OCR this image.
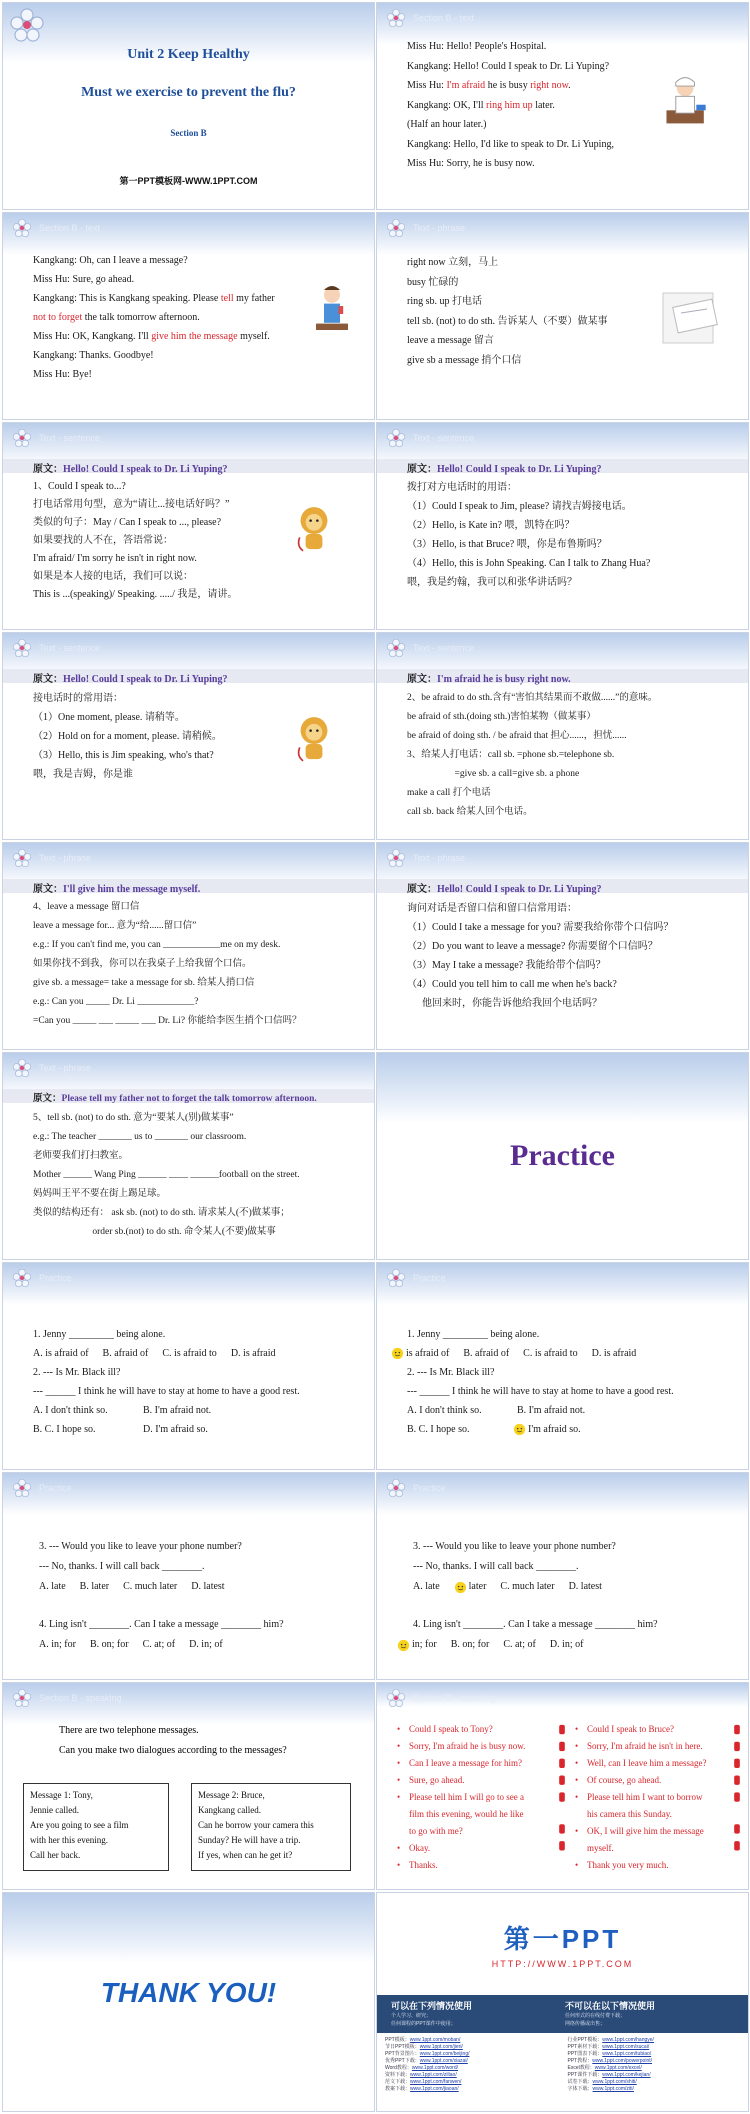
Unit 2 Keep Healthy
Must we exercise to prevent the flu?
Section B
第一PPT模板网-WWW.1PPT.COM
Section B - text
Miss Hu: Hello! People's Hospital.
Kangkang: Hello! Could I speak to Dr. Li Yuping?
Miss Hu: I'm afraid he is busy right now.
Kangkang: OK, I'll ring him up later.
(Half an hour later.)
Kangkang: Hello, I'd like to speak to Dr. Li Yuping,
Miss Hu: Sorry, he is busy now.
Section B - text
Kangkang: Oh, can I leave a message?
Miss Hu: Sure, go ahead.
Kangkang: This is Kangkang speaking. Please tell my father
not to forget the talk tomorrow afternoon.
Miss Hu: OK, Kangkang. I'll give him the message myself.
Kangkang: Thanks. Goodbye!
Miss Hu: Bye!
Text - phrase
right now 立刻，马上
busy 忙碌的
ring sb. up 打电话
tell sb. (not) to do sth. 告诉某人（不要）做某事
leave a message 留言
give sb a message 捎个口信
Text - sentence
原文：Hello! Could I speak to Dr. Li Yuping?
1、Could I speak to...?
打电话常用句型，意为“请让...接电话好吗？”
类似的句子：May / Can I speak to ..., please?
如果要找的人不在，答语常说：
I'm afraid/ I'm sorry he isn't in right now.
如果是本人接的电话，我们可以说：
This is ...(speaking)/ Speaking. ...../ 我是，请讲。
Text - sentence
原文：Hello! Could I speak to Dr. Li Yuping?
拨打对方电话时的用语：
（1）Could I speak to Jim, please? 请找吉姆接电话。
（2）Hello, is Kate in? 喂，凯特在吗？
（3）Hello, is that Bruce? 喂，你是布鲁斯吗？
（4）Hello, this is John Speaking. Can I talk to Zhang Hua?
喂，我是约翰，我可以和张华讲话吗？
Text - sentence
原文：Hello! Could I speak to Dr. Li Yuping?
接电话时的常用语：
（1）One moment, please. 请稍等。
（2）Hold on for a moment, please. 请稍候。
（3）Hello, this is Jim speaking, who's that?
喂，我是吉姆，你是谁
Text - sentence
原文：I'm afraid he is busy right now.
2、be afraid to do sth.含有“害怕其结果而不敢做......”的意味。
be afraid of sth.(doing sth.)害怕某物（做某事）
be afraid of doing sth. / be afraid that 担心......，担忧......
3、给某人打电话：call sb. =phone sb.=telephone sb.
=give sb. a call=give sb. a phone
make a call 打个电话
call sb. back 给某人回个电话。
Text - phrase
原文：I'll give him the message myself.
4、leave a message 留口信
leave a message for... 意为“给......留口信”
e.g.: If you can't find me, you can ____________me on my desk.
如果你找不到我，你可以在我桌子上给我留个口信。
give sb. a message= take a message for sb. 给某人捎口信
e.g.: Can you _____ Dr. Li ____________?
=Can you _____ ___ _____ ___ Dr. Li? 你能给李医生捎个口信吗？
Text - phrase
原文：Hello! Could I speak to Dr. Li Yuping?
询问对话是否留口信和留口信常用语：
（1）Could I take a message for you? 需要我给你带个口信吗？
（2）Do you want to leave a message? 你需要留个口信吗？
（3）May I take a message? 我能给带个信吗？
（4）Could you tell him to call me when he's back?
他回来时，你能告诉他给我回个电话吗？
Text - phrase
原文：Please tell my father not to forget the talk tomorrow afternoon.
5、tell sb. (not) to do sth. 意为“要某人(别)做某事”
e.g.: The teacher _______ us to _______ our classroom.
老师要我们打扫教室。
Mother ______ Wang Ping ______ ____ ______football on the street.
妈妈叫王平不要在街上踢足球。
类似的结构还有： ask sb. (not) to do sth. 请求某人(不)做某事；
order sb.(not) to do sth. 命令某人(不要)做某事
Practice
Practice
1. Jenny _________ being alone.
A. is afraid of B. afraid of C. is afraid to D. is afraid
2. --- Is Mr. Black ill?
--- ______ I think he will have to stay at home to have a good rest.
A. I don't think so.	B. I'm afraid not.
B. C. I hope so.	D. I'm afraid so.
Practice
1. Jenny _________ being alone.
is afraid of B. afraid of C. is afraid to D. is afraid
2. --- Is Mr. Black ill?
--- ______ I think he will have to stay at home to have a good rest.
A. I don't think so.	B. I'm afraid not.
B. C. I hope so.	I'm afraid so.
Practice
3. --- Would you like to leave your phone number?
--- No, thanks. I will call back ________.
A. late B. later C. much later D. latest
4. Ling isn't ________. Can I take a message ________ him?
A. in; for B. on; for C. at; of D. in; of
Practice
3. --- Would you like to leave your phone number?
--- No, thanks. I will call back ________.
A. late	later C. much later D. latest
4. Ling isn't ________. Can I take a message ________ him?
in; for B. on; for C. at; of D. in; of
Section B - speaking
There are two telephone messages.
Can you make two dialogues according to the messages?
Message 1: Tony,
Jennie called.
Are you going to see a film
with her this evening.
Call her back.
Message 2: Bruce,
Kangkang called.
Can he borrow your camera this
Sunday? He will have a trip.
If yes, when can he get it?
Section B - speaking
• Could I speak to Tony?
• Sorry, I'm afraid he is busy now.
• Can I leave a message for him?
• Sure, go ahead.
• Please tell him I will go to see a
film this evening, would he like
to go with me?
• Okay.
• Thanks.
• Could I speak to Bruce?
• Sorry, I'm afraid he isn't in here.
• Well, can I leave him a message?
• Of course, go ahead.
• Please tell him I want to borrow
his camera this Sunday.
• OK, I will give him the message
myself.
• Thank you very much.
THANK YOU!
第一PPT
HTTP://WWW.1PPT.COM
可以在下列情况使用
个人学习、研究；
任何课程的PPT课件中使用；
不可以在以下情况使用
任何形式的在线付费下载；
网络传播或出售；
PPT模板：www.1ppt.com/moban/
节日PPT模板：www.1ppt.com/jieri/
PPT背景图片：www.1ppt.com/beijing/
优秀PPT下载：www.1ppt.com/xiazai/
Word教程：www.1ppt.com/word/
资料下载：www.1ppt.com/ziliao/
范文下载：www.1ppt.com/fanwen/
教案下载：www.1ppt.com/jiaoan/
行业PPT模板：www.1ppt.com/hangye/
PPT素材下载：www.1ppt.com/sucai/
PPT图表下载：www.1ppt.com/tubiao/
PPT教程：www.1ppt.com/powerpoint/
Excel教程：www.1ppt.com/excel/
PPT课件下载：www.1ppt.com/kejian/
试卷下载：www.1ppt.com/shiti/
字体下载：www.1ppt.com/ziti/
